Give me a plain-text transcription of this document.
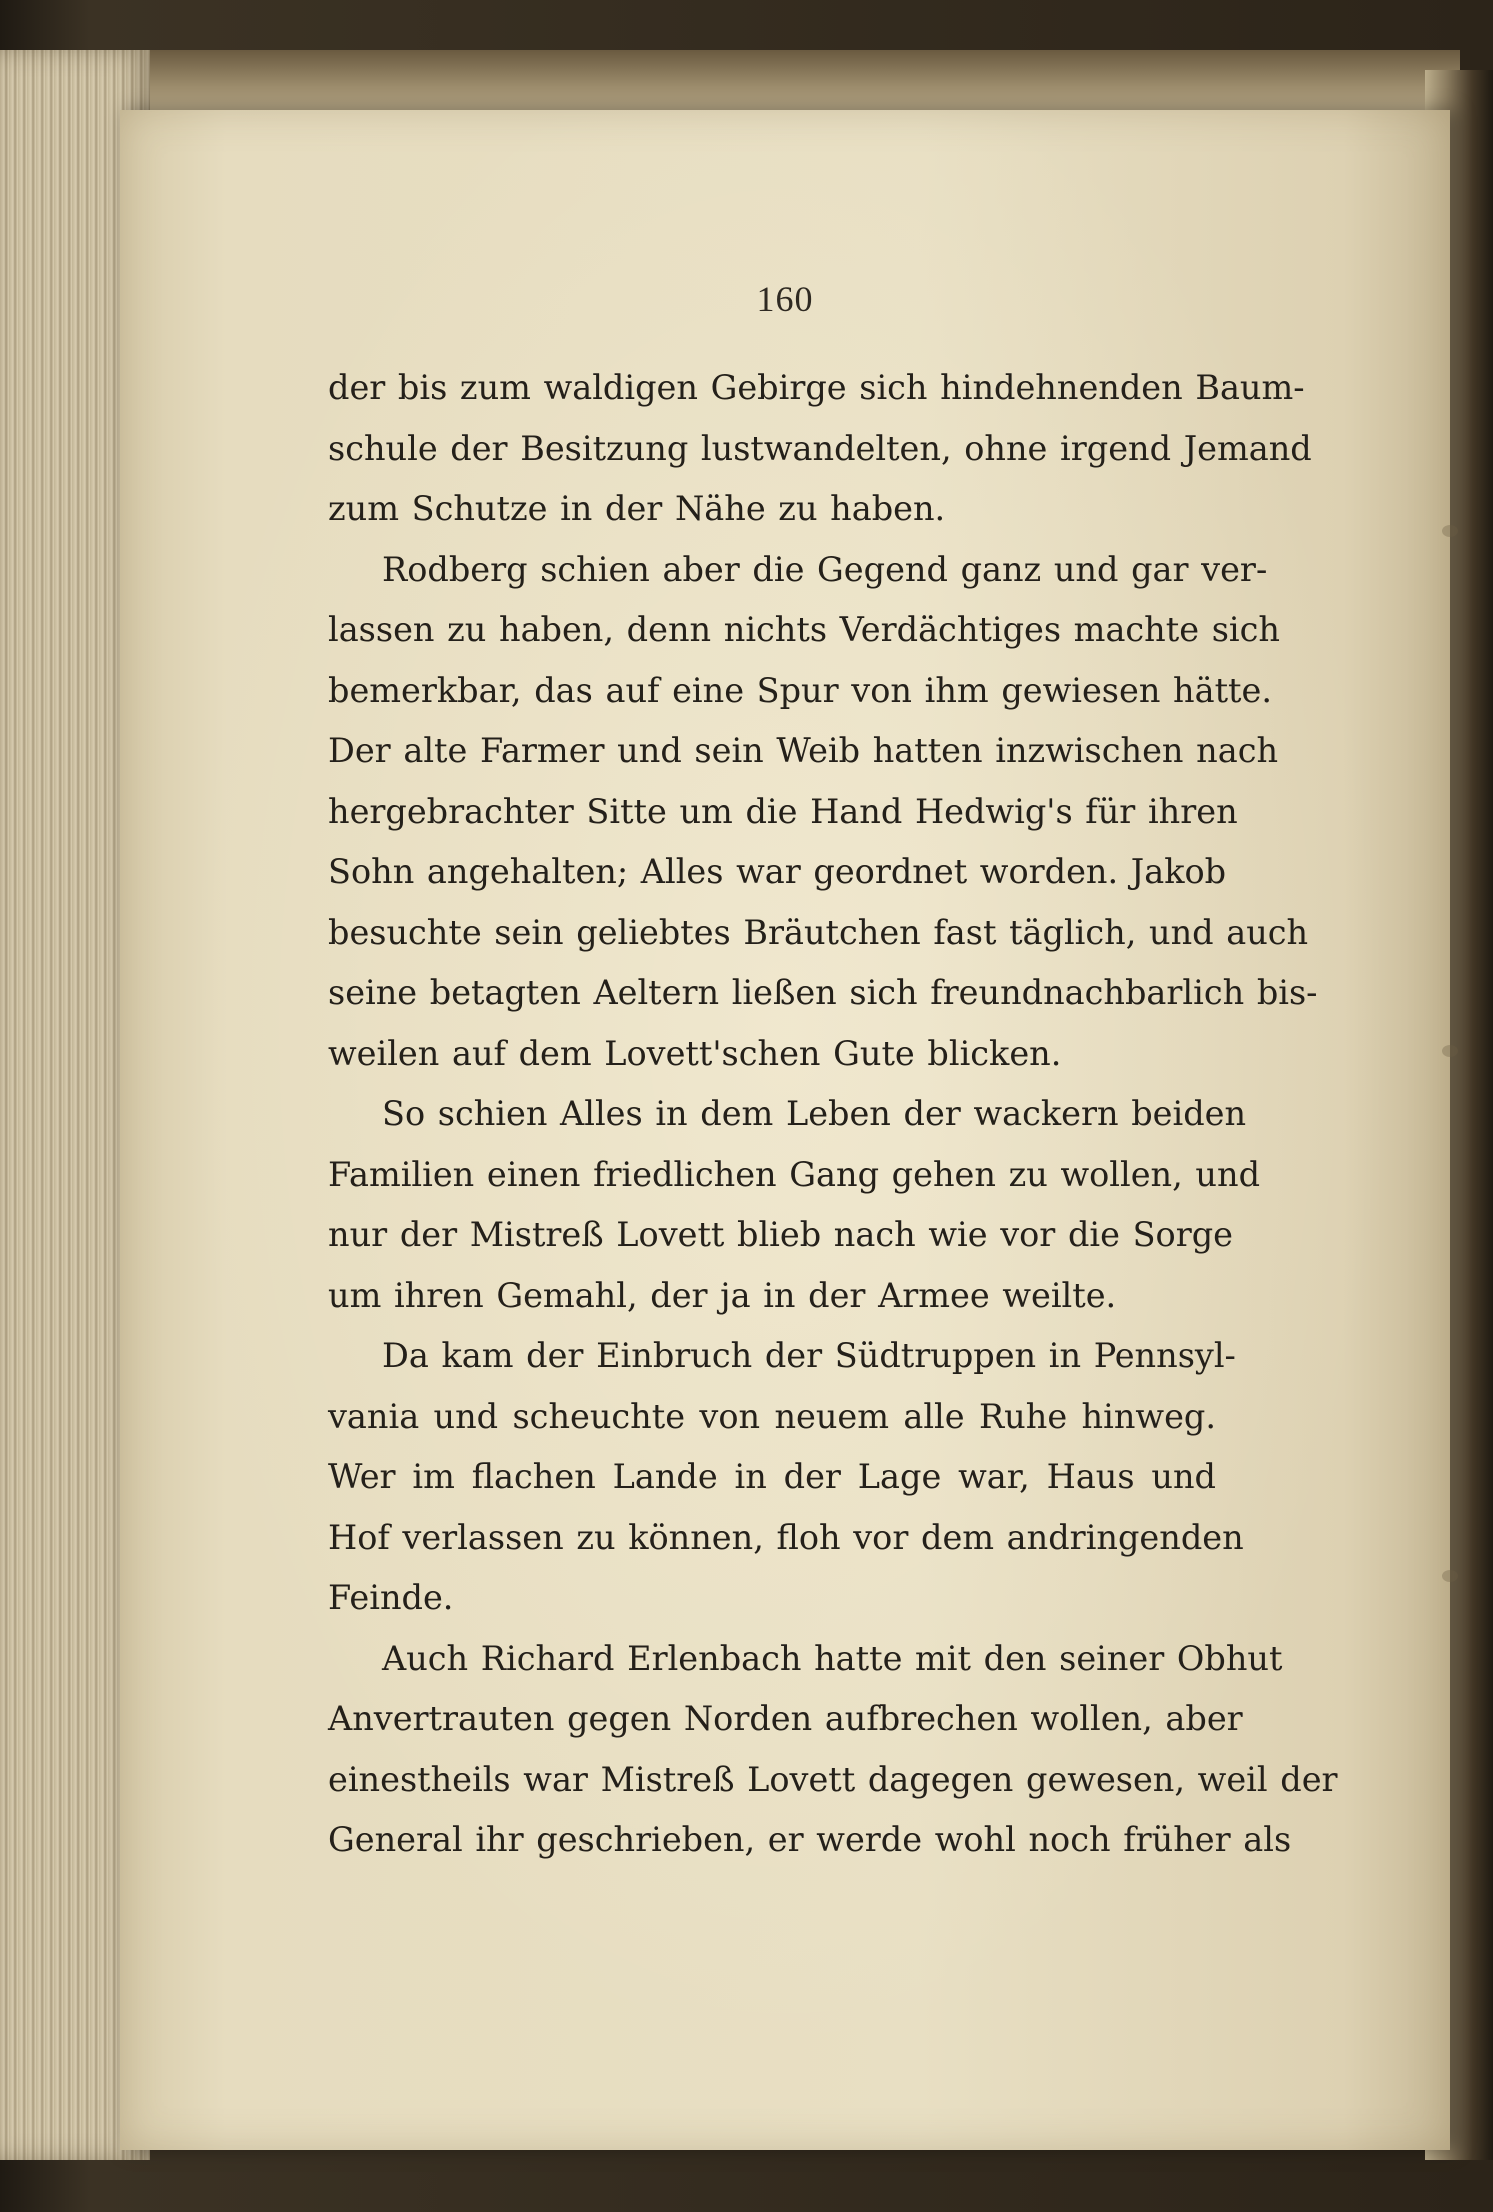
160
der bis zum waldigen Gebirge sich hindehnenden Baum-
schule der Besitzung lustwandelten, ohne irgend Jemand
zum Schutze in der Nähe zu haben.
Rodberg schien aber die Gegend ganz und gar ver-
lassen zu haben, denn nichts Verdächtiges machte sich
bemerkbar, das auf eine Spur von ihm gewiesen hätte.
Der alte Farmer und sein Weib hatten inzwischen nach
hergebrachter Sitte um die Hand Hedwig's für ihren
Sohn angehalten; Alles war geordnet worden. Jakob
besuchte sein geliebtes Bräutchen fast täglich, und auch
seine betagten Aeltern ließen sich freundnachbarlich bis-
weilen auf dem Lovett'schen Gute blicken.
So schien Alles in dem Leben der wackern beiden
Familien einen friedlichen Gang gehen zu wollen, und
nur der Mistreß Lovett blieb nach wie vor die Sorge
um ihren Gemahl, der ja in der Armee weilte.
Da kam der Einbruch der Südtruppen in Pennsyl-
vania und scheuchte von neuem alle Ruhe hinweg.
Wer im flachen Lande in der Lage war, Haus und
Hof verlassen zu können, floh vor dem andringenden
Feinde.
Auch Richard Erlenbach hatte mit den seiner Obhut
Anvertrauten gegen Norden aufbrechen wollen, aber
einestheils war Mistreß Lovett dagegen gewesen, weil der
General ihr geschrieben, er werde wohl noch früher als
